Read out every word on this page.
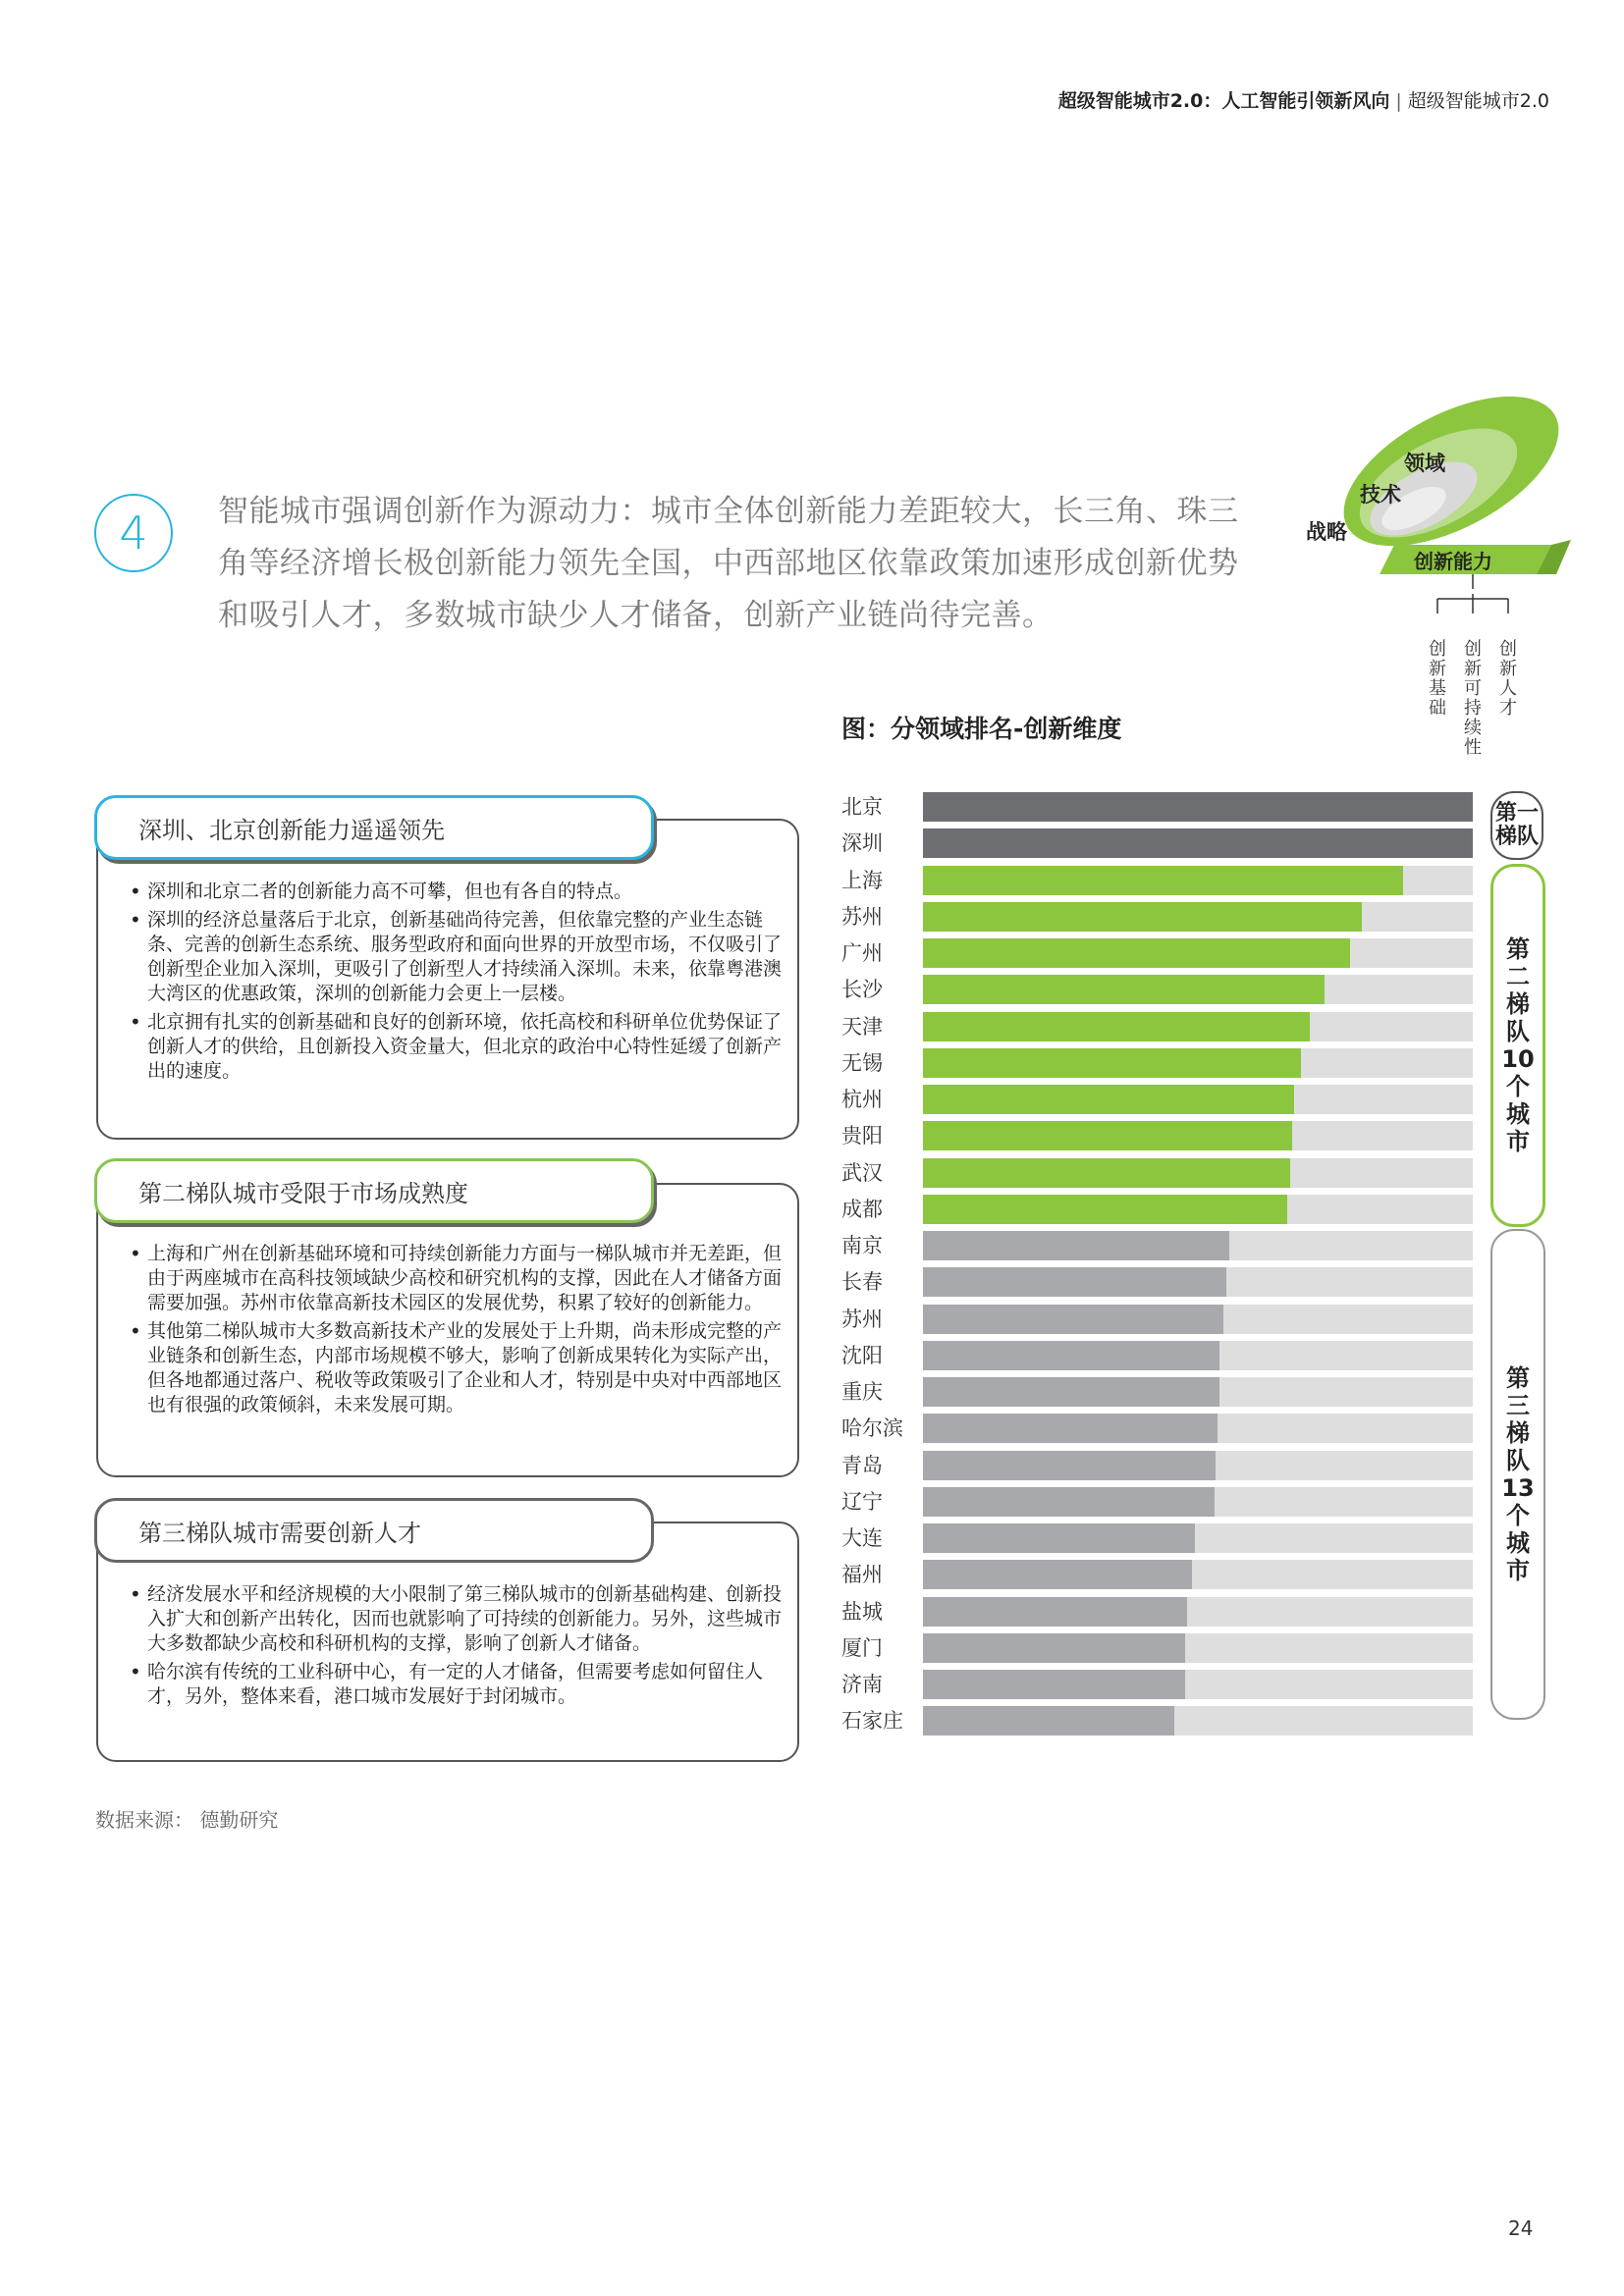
超级智能城市2.0：人工智能引领新风向 | 超级智能城市2.0
4	智能城市强调创新作为源动力：城市全体创新能力差距较大，长三角、珠三角等经济增长极创新能力领先全国，中西部地区依靠政策加速形成创新优势和吸引人才，多数城市缺少人才储备，创新产业链尚待完善。
战略
技术
领域
创新能力
创新基础
创新可持续性
创新人才
深圳、北京创新能力遥遥领先
• 深圳和北京二者的创新能力高不可攀，但也有各自的特点。
• 深圳的经济总量落后于北京，创新基础尚待完善，但依靠完整的产业生态链条、完善的创新生态系统、服务型政府和面向世界的开放型市场，不仅吸引了创新型企业加入深圳，更吸引了创新型人才持续涌入深圳。未来，依靠粤港澳大湾区的优惠政策，深圳的创新能力会更上一层楼。
• 北京拥有扎实的创新基础和良好的创新环境，依托高校和科研单位优势保证了创新人才的供给，且创新投入资金量大，但北京的政治中心特性延缓了创新产出的速度。
第二梯队城市受限于市场成熟度
• 上海和广州在创新基础环境和可持续创新能力方面与一梯队城市并无差距，但由于两座城市在高科技领域缺少高校和研究机构的支撑，因此在人才储备方面需要加强。苏州市依靠高新技术园区的发展优势，积累了较好的创新能力。
• 其他第二梯队城市大多数高新技术产业的发展处于上升期，尚未形成完整的产业链条和创新生态，内部市场规模不够大，影响了创新成果转化为实际产出，但各地都通过落户、税收等政策吸引了企业和人才，特别是中央对中西部地区也有很强的政策倾斜，未来发展可期。
第三梯队城市需要创新人才
• 经济发展水平和经济规模的大小限制了第三梯队城市的创新基础构建、创新投入扩大和创新产出转化，因而也就影响了可持续的创新能力。另外，这些城市大多数都缺少高校和科研机构的支撑，影响了创新人才储备。
• 哈尔滨有传统的工业科研中心，有一定的人才储备，但需要考虑如何留住人才，另外，整体来看，港口城市发展好于封闭城市。
数据来源： 德勤研究
24
图：分领域排名-创新维度
北京
深圳
上海
苏州
广州
长沙
天津
无锡
杭州
贵阳
武汉
成都
南京
长春
苏州
沈阳
重庆
哈尔滨
青岛
辽宁
大连
福州
盐城
厦门
济南
石家庄
第一
梯队
第
二
梯
队
10
个
城
市
第
三
梯
队
13
个
城
市
